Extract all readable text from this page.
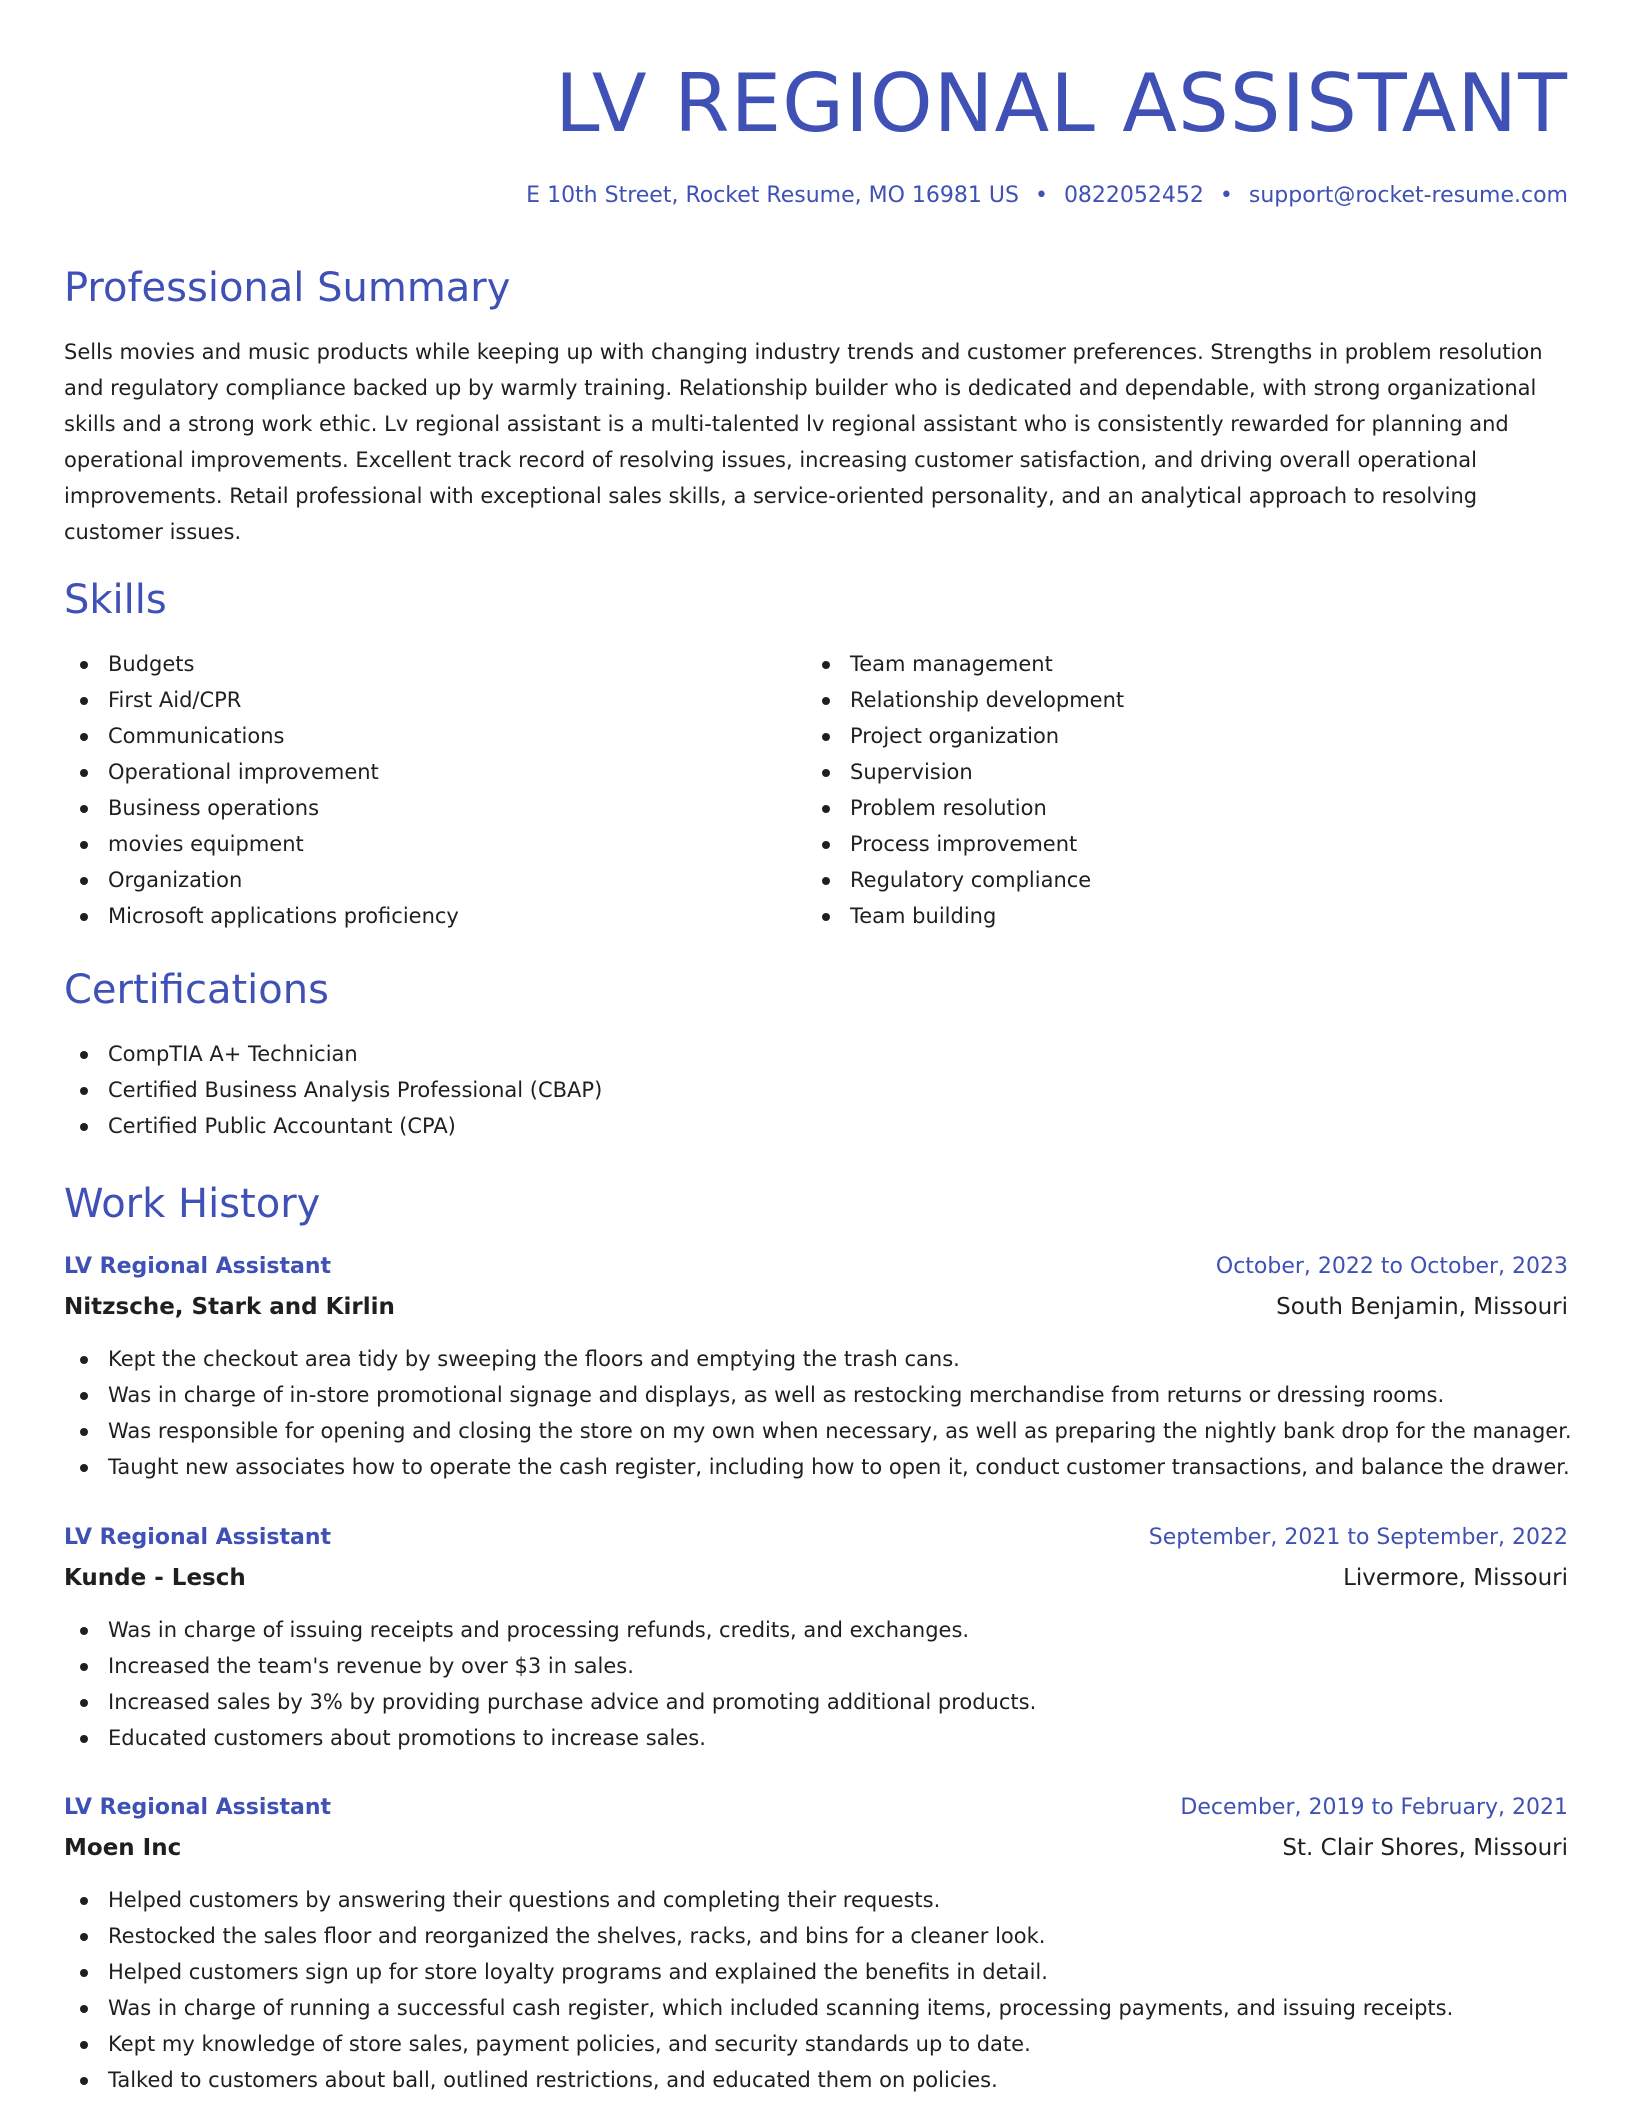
LV REGIONAL ASSISTANT
E 10th Street, Rocket Resume, MO 16981 US • 0822052452 • support@rocket-resume.com
Professional Summary

Sells movies and music products while keeping up with changing industry trends and customer preferences. Strengths in problem resolution and regulatory compliance backed up by warmly training. Relationship builder who is dedicated and dependable, with strong organizational skills and a strong work ethic. Lv regional assistant is a multi-talented lv regional assistant who is consistently rewarded for planning and operational improvements. Excellent track record of resolving issues, increasing customer satisfaction, and driving overall operational improvements. Retail professional with exceptional sales skills, a service-oriented personality, and an analytical approach to resolving customer issues.

Skills
Budgets
First Aid/CPR
Communications
Operational improvement
Business operations
movies equipment
Organization
Microsoft applications proficiency
Team management
Relationship development
Project organization
Supervision
Problem resolution
Process improvement
Regulatory compliance
Team building
Certifications
CompTIA A+ Technician
Certified Business Analysis Professional (CBAP)
Certified Public Accountant (CPA)
Work History
LV Regional Assistant	October, 2022 to October, 2023
Nitzsche, Stark and Kirlin	South Benjamin, Missouri
Kept the checkout area tidy by sweeping the floors and emptying the trash cans.
Was in charge of in-store promotional signage and displays, as well as restocking merchandise from returns or dressing rooms.
Was responsible for opening and closing the store on my own when necessary, as well as preparing the nightly bank drop for the manager.
Taught new associates how to operate the cash register, including how to open it, conduct customer transactions, and balance the drawer.
LV Regional Assistant	September, 2021 to September, 2022
Kunde - Lesch	Livermore, Missouri
Was in charge of issuing receipts and processing refunds, credits, and exchanges.
Increased the team's revenue by over $3 in sales.
Increased sales by 3% by providing purchase advice and promoting additional products.
Educated customers about promotions to increase sales.
LV Regional Assistant	December, 2019 to February, 2021
Moen Inc	St. Clair Shores, Missouri
Helped customers by answering their questions and completing their requests.
Restocked the sales floor and reorganized the shelves, racks, and bins for a cleaner look.
Helped customers sign up for store loyalty programs and explained the benefits in detail.
Was in charge of running a successful cash register, which included scanning items, processing payments, and issuing receipts.
Kept my knowledge of store sales, payment policies, and security standards up to date.
Talked to customers about ball, outlined restrictions, and educated them on policies.
